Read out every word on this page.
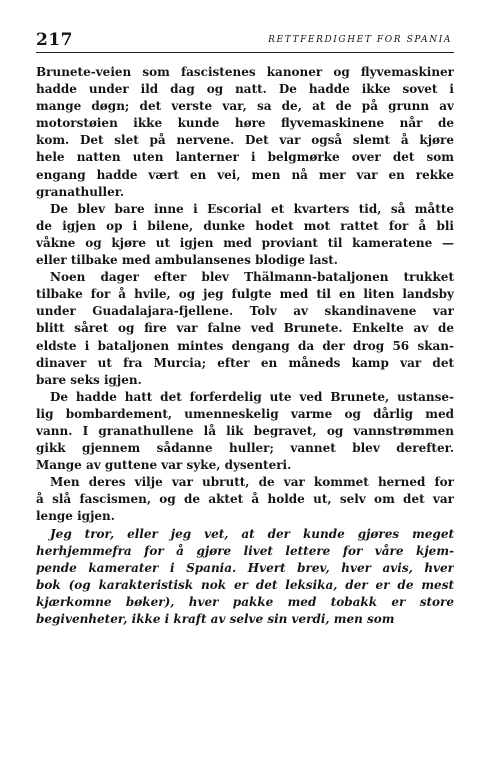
217	RETTFERDIGHET FOR SPANIA
Brunete-veien som fascistenes kanoner og flyvemaskiner
hadde under ild dag og natt. De hadde ikke sovet i
mange døgn; det verste var, sa de, at de på grunn av
motorstøien ikke kunde høre flyvemaskinene når de
kom. Det slet på nervene. Det var også slemt å kjøre
hele natten uten lanterner i belgmørke over det som
engang hadde vært en vei, men nå mer var en rekke
granathuller.
De blev bare inne i Escorial et kvarters tid, så måtte
de igjen op i bilene, dunke hodet mot rattet for å bli
våkne og kjøre ut igjen med proviant til kameratene —
eller tilbake med ambulansenes blodige last.
Noen dager efter blev Thälmann-bataljonen trukket
tilbake for å hvile, og jeg fulgte med til en liten landsby
under Guadalajara-fjellene. Tolv av skandinavene var
blitt såret og fire var falne ved Brunete. Enkelte av de
eldste i bataljonen mintes dengang da der drog 56 skan-
dinaver ut fra Murcia; efter en måneds kamp var det
bare seks igjen.
De hadde hatt det forferdelig ute ved Brunete, ustanse-
lig bombardement, umenneskelig varme og dårlig med
vann. I granathullene lå lik begravet, og vannstrømmen
gikk gjennem sådanne huller; vannet blev derefter.
Mange av guttene var syke, dysenteri.
Men deres vilje var ubrutt, de var kommet herned for
å slå fascismen, og de aktet å holde ut, selv om det var
lenge igjen.
Jeg tror, eller jeg vet, at der kunde gjøres meget
herhjemmefra for å gjøre livet lettere for våre kjem-
pende kamerater i Spania. Hvert brev, hver avis, hver
bok (og karakteristisk nok er det leksika, der er de mest
kjærkomne bøker), hver pakke med tobakk er store
begivenheter, ikke i kraft av selve sin verdi, men som
